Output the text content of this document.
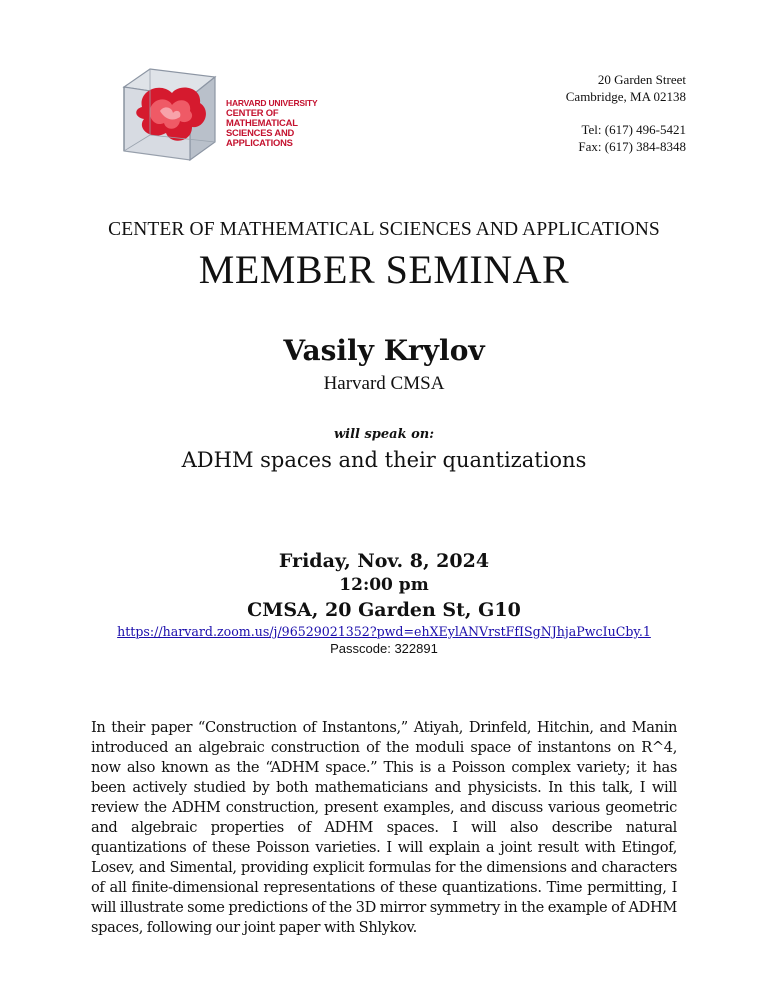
HARVARD UNIVERSITY
CENTER OF MATHEMATICAL
SCIENCES AND APPLICATIONS
20 Garden Street
Cambridge, MA 02138
Tel: (617) 496-5421
Fax: (617) 384-8348
CENTER OF MATHEMATICAL SCIENCES AND APPLICATIONS
MEMBER SEMINAR
Vasily Krylov
Harvard CMSA
will speak on:
ADHM spaces and their quantizations
Friday, Nov. 8, 2024
12:00 pm
CMSA, 20 Garden St, G10
https://harvard.zoom.us/j/96529021352?pwd=ehXEylANVrstFfISgNJhjaPwcIuCby.1
Passcode: 322891
In their paper “Construction of Instantons,” Atiyah, Drinfeld, Hitchin, and Manin introduced an algebraic construction of the moduli space of instantons on R^4, now also known as the “ADHM space.” This is a Poisson complex variety; it has been actively studied by both mathematicians and physicists. In this talk, I will review the ADHM construction, present examples, and discuss various geometric and algebraic properties of ADHM spaces. I will also describe natural quantizations of these Poisson varieties. I will explain a joint result with Etingof, Losev, and Simental, providing explicit formulas for the dimensions and characters of all finite-dimensional representations of these quantizations. Time permitting, I will illustrate some predictions of the 3D mirror symmetry in the example of ADHM spaces, following our joint paper with Shlykov.
